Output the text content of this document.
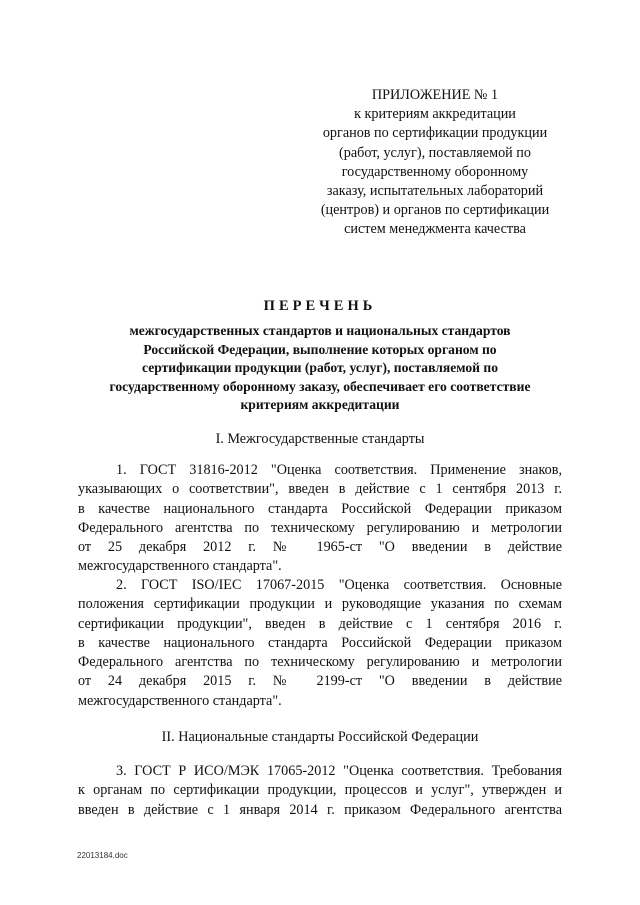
ПРИЛОЖЕНИЕ № 1
к критериям аккредитации
органов по сертификации продукции
(работ, услуг), поставляемой по
государственному оборонному
заказу, испытательных лабораторий
(центров) и органов по сертификации
систем менеджмента качества
ПЕРЕЧЕНЬ
межгосударственных стандартов и национальных стандартов
Российской Федерации, выполнение которых органом по
сертификации продукции (работ, услуг), поставляемой по
государственному оборонному заказу, обеспечивает его соответствие
критериям аккредитации
I. Межгосударственные стандарты
1. ГОСТ 31816-2012 "Оценка соответствия. Применение знаков,
указывающих о соответствии", введен в действие с 1 сентября 2013 г.
в качестве национального стандарта Российской Федерации приказом
Федерального агентства по техническому регулированию и метрологии
от 25 декабря 2012 г. № 1965-ст "О введении в действие
межгосударственного стандарта".
2. ГОСТ ISO/IEC 17067-2015 "Оценка соответствия. Основные
положения сертификации продукции и руководящие указания по схемам
сертификации продукции", введен в действие с 1 сентября 2016 г.
в качестве национального стандарта Российской Федерации приказом
Федерального агентства по техническому регулированию и метрологии
от 24 декабря 2015 г. № 2199-ст "О введении в действие
межгосударственного стандарта".
II. Национальные стандарты Российской Федерации
3. ГОСТ Р ИСО/МЭК 17065-2012 "Оценка соответствия. Требования
к органам по сертификации продукции, процессов и услуг", утвержден и
введен в действие с 1 января 2014 г. приказом Федерального агентства
22013184.doc
